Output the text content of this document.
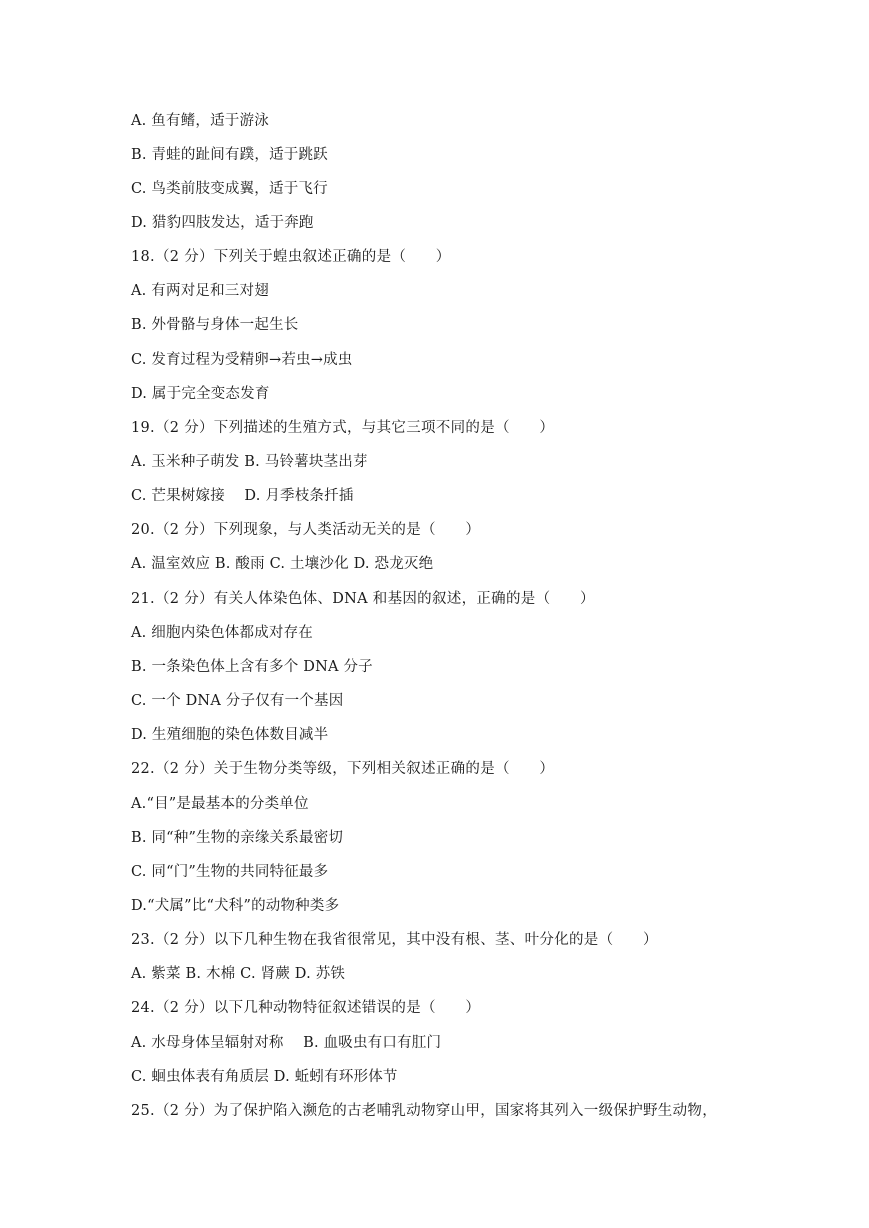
A. 鱼有鳍，适于游泳
B. 青蛙的趾间有蹼，适于跳跃
C. 鸟类前肢变成翼，适于飞行
D. 猎豹四肢发达，适于奔跑
18.（2 分）下列关于蝗虫叙述正确的是（　　）
A. 有两对足和三对翅
B. 外骨骼与身体一起生长
C. 发育过程为受精卵→若虫→成虫
D. 属于完全变态发育
19.（2 分）下列描述的生殖方式，与其它三项不同的是（　　）
A. 玉米种子萌发 B. 马铃薯块茎出芽
C. 芒果树嫁接　 D. 月季枝条扦插
20.（2 分）下列现象，与人类活动无关的是（　　）
A. 温室效应 B. 酸雨 C. 土壤沙化 D. 恐龙灭绝
21.（2 分）有关人体染色体、DNA 和基因的叙述，正确的是（　　）
A. 细胞内染色体都成对存在
B. 一条染色体上含有多个 DNA 分子
C. 一个 DNA 分子仅有一个基因
D. 生殖细胞的染色体数目减半
22.（2 分）关于生物分类等级，下列相关叙述正确的是（　　）
A.“目”是最基本的分类单位
B. 同“种”生物的亲缘关系最密切
C. 同“门”生物的共同特征最多
D.“犬属”比“犬科”的动物种类多
23.（2 分）以下几种生物在我省很常见，其中没有根、茎、叶分化的是（　　）
A. 紫菜 B. 木棉 C. 肾蕨 D. 苏铁
24.（2 分）以下几种动物特征叙述错误的是（　　）
A. 水母身体呈辐射对称　 B. 血吸虫有口有肛门
C. 蛔虫体表有角质层 D. 蚯蚓有环形体节
25.（2 分）为了保护陷入濒危的古老哺乳动物穿山甲，国家将其列入一级保护野生动物，
